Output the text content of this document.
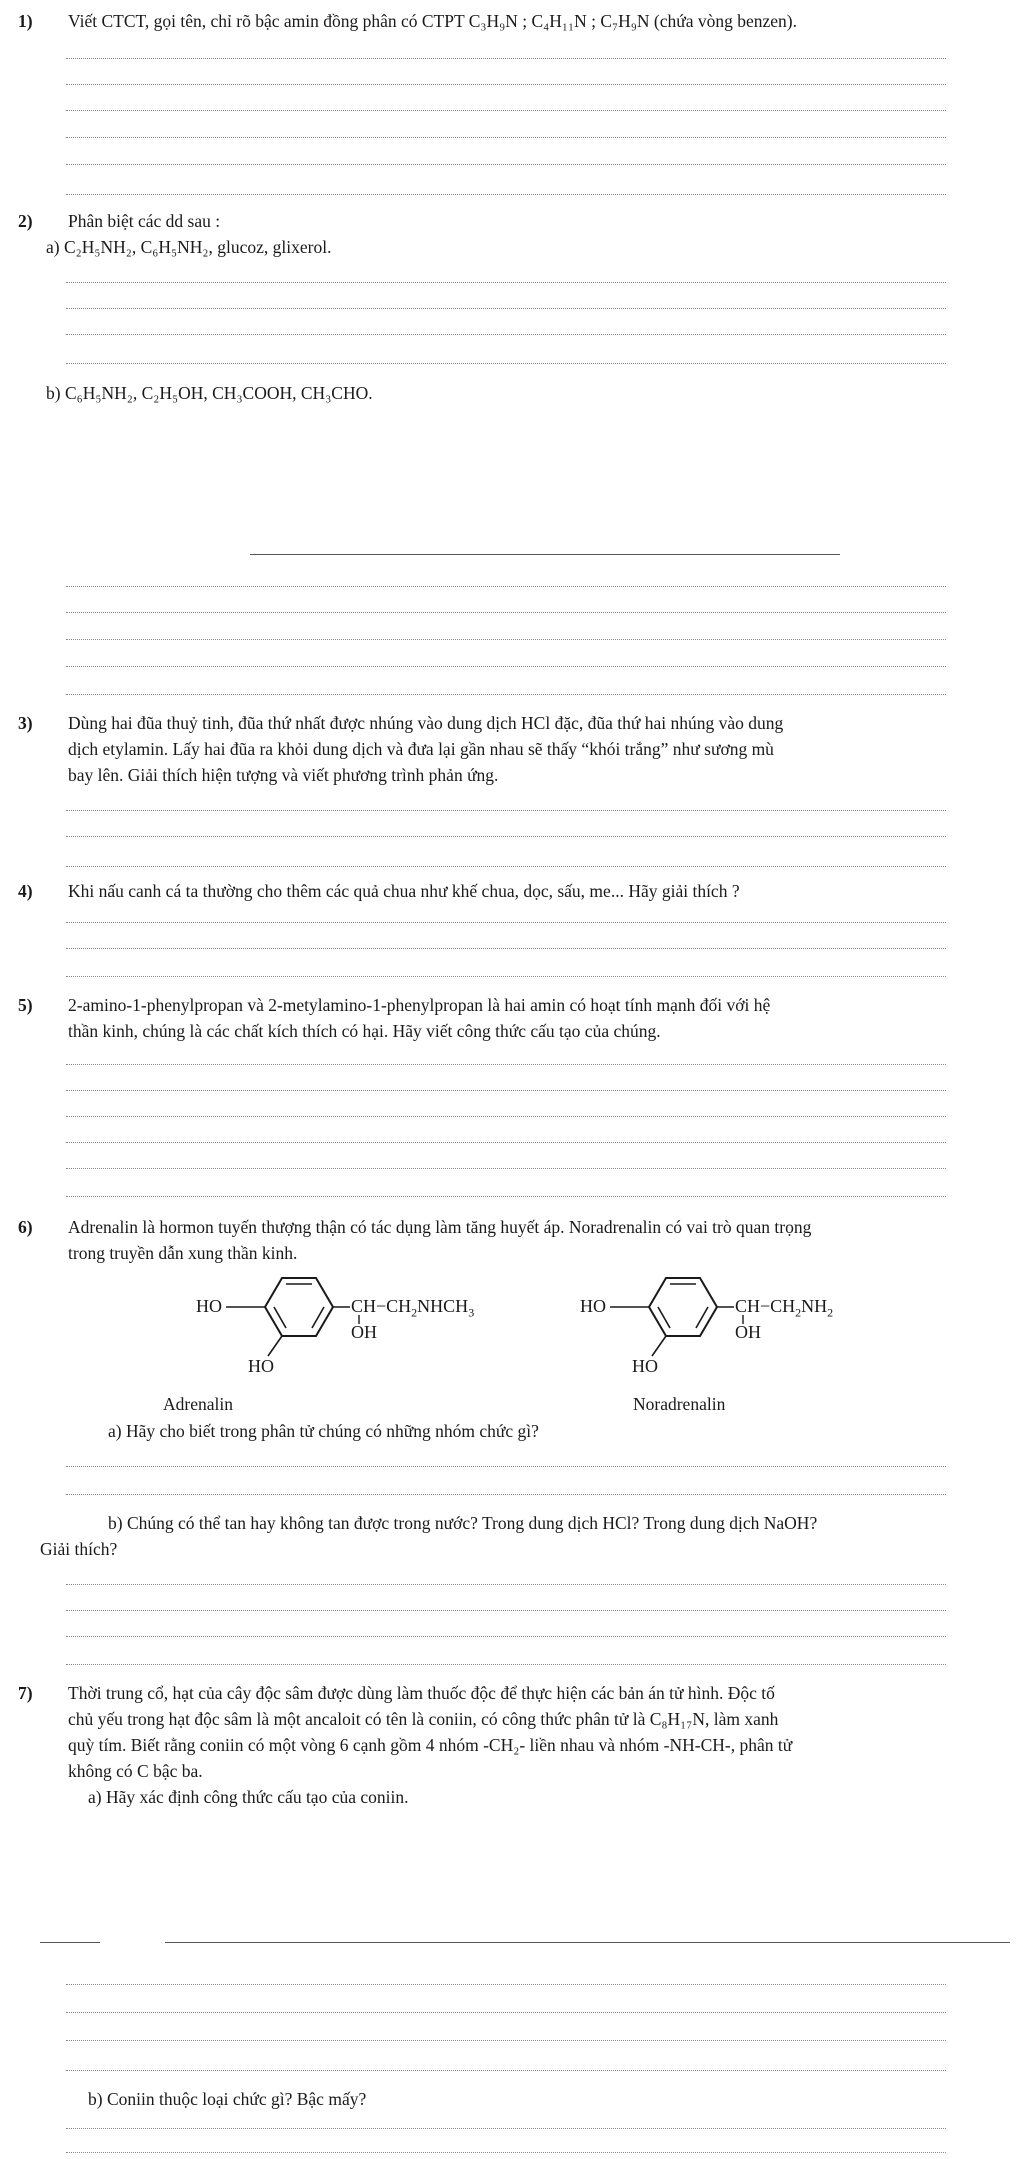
1) Viết CTCT, gọi tên, chỉ rõ bậc amin đồng phân có CTPT C₃H₉N ; C₄H₁₁N ; C₇H₉N (chứa vòng benzen).
2) Phân biệt các dd sau :
a) C₂H₅NH₂, C₆H₅NH₂, glucoz, glixerol.
b) C₆H₅NH₂, C₂H₅OH, CH₃COOH, CH₃CHO.
3) Dùng hai đũa thuỷ tinh, đũa thứ nhất được nhúng vào dung dịch HCl đặc, đũa thứ hai nhúng vào dung
dịch etylamin. Lấy hai đũa ra khỏi dung dịch và đưa lại gần nhau sẽ thấy “khói trắng” như sương mù
bay lên. Giải thích hiện tượng và viết phương trình phản ứng.
4) Khi nấu canh cá ta thường cho thêm các quả chua như khế chua, dọc, sấu, me... Hãy giải thích ?
5) 2-amino-1-phenylpropan và 2-metylamino-1-phenylpropan là hai amin có hoạt tính mạnh đối với hệ
thần kinh, chúng là các chất kích thích có hại. Hãy viết công thức cấu tạo của chúng.
6) Adrenalin là hormon tuyến thượng thận có tác dụng làm tăng huyết áp. Noradrenalin có vai trò quan trọng
trong truyền dẫn xung thần kinh.
HO
HO
$CH-CH_2NHCH_3$
OH
Adrenalin
HO
HO
$CH-CH_2NH_2$
OH
Noradrenalin
a) Hãy cho biết trong phân tử chúng có những nhóm chức gì?
b) Chúng có thể tan hay không tan được trong nước? Trong dung dịch HCl? Trong dung dịch NaOH?
Giải thích?
7) Thời trung cổ, hạt của cây độc sâm được dùng làm thuốc độc để thực hiện các bản án tử hình. Độc tố
chủ yếu trong hạt độc sâm là một ancaloit có tên là coniin, có công thức phân tử là C₈H₁₇N, làm xanh
quỳ tím. Biết rằng coniin có một vòng 6 cạnh gồm 4 nhóm -CH₂- liền nhau và nhóm -NH-CH-, phân tử
không có C bậc ba.
a) Hãy xác định công thức cấu tạo của coniin.
b) Coniin thuộc loại chức gì? Bậc mấy?
